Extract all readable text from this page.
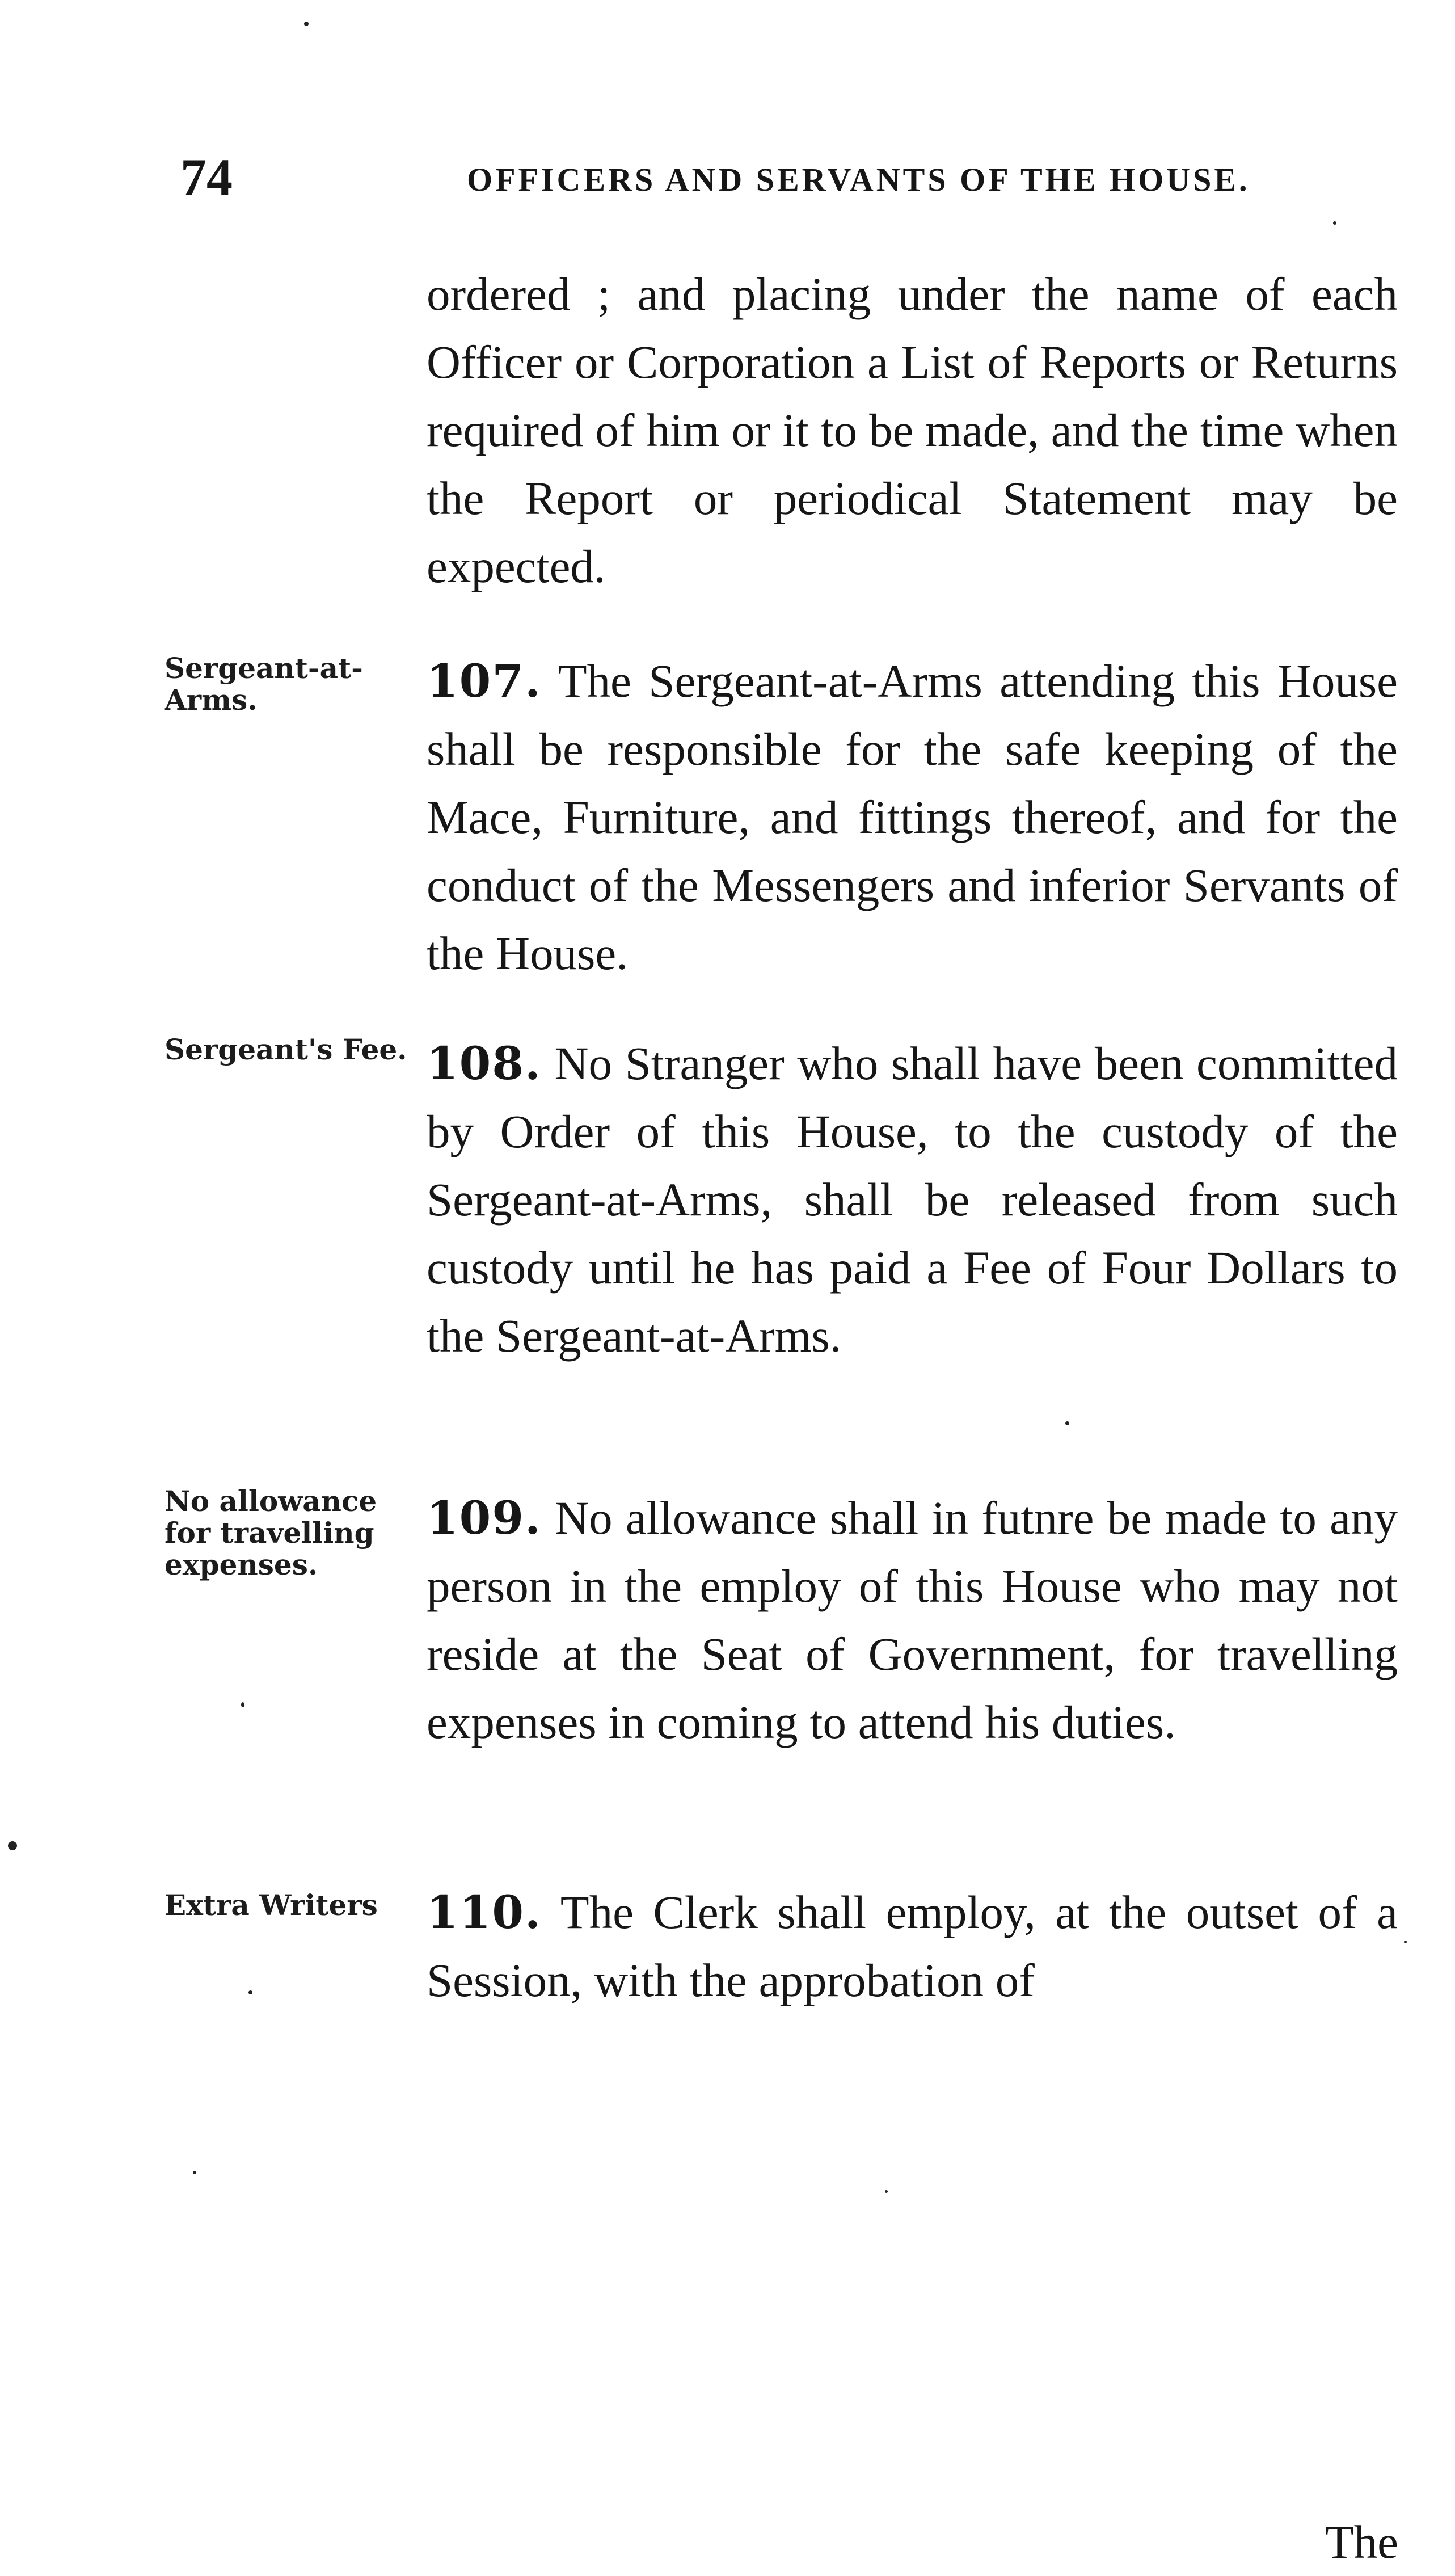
74	OFFICERS AND SERVANTS OF THE HOUSE.

ordered ; and placing under the name of each Officer or Corporation a List of Reports or Returns required of him or it to be made, and the time when the Report or periodical Statement may be expected.

Sergeant-at-Arms.	107 . The Sergeant-at-Arms attending this House shall be responsible for the safe keeping of the Mace, Furniture, and fittings thereof, and for the conduct of the Messengers and inferior Servants of the House.

Sergeant's Fee. 108 . No Stranger who shall have been committed by Order of this House, to the custody of the Sergeant-at-Arms, shall be released from such custody until he has paid a Fee of Four Dollars to the Sergeant-at-Arms.

No allowance for travelling expenses.

109 . No allowance shall in futnre be made to any person in the employ of this House who may not reside at the Seat of Government, for travelling expenses in coming to attend his duties.

Extra Writers	110 . The Clerk shall employ, at the outset of a Session, with the approbation of

The
